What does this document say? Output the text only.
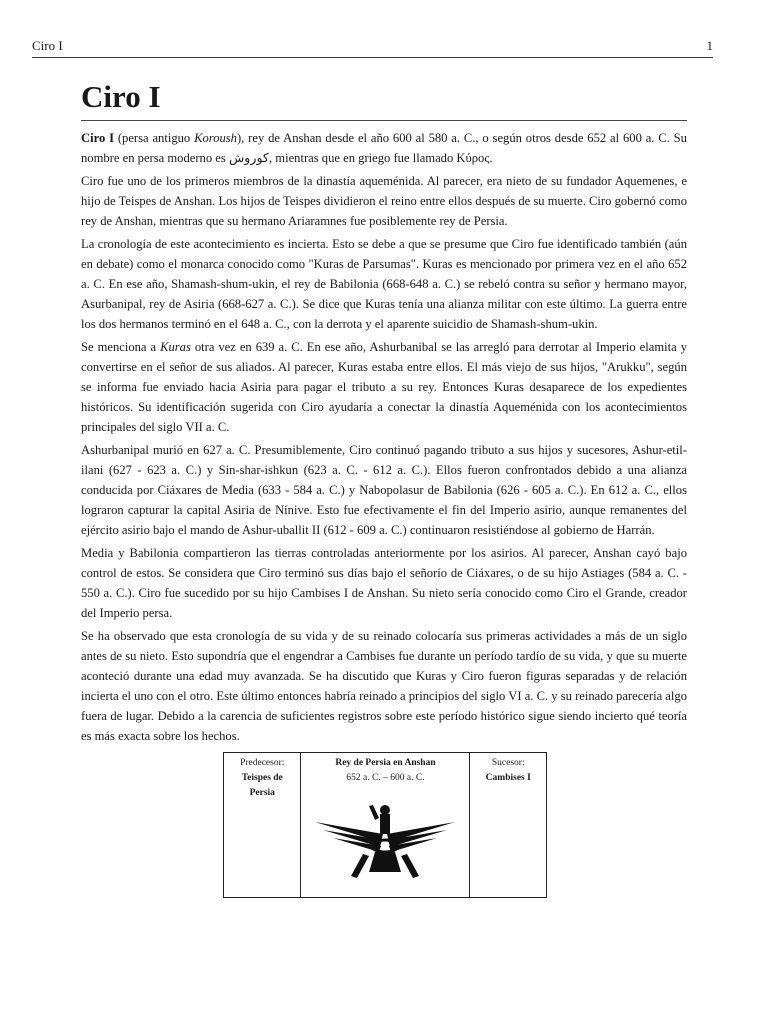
Ciro I	1
Ciro I

Ciro I (persa antiguo Koroush), rey de Anshan desde el año 600 al 580 a. C., o según otros desde 652 al 600 a. C. Su nombre en persa moderno es کوروش, mientras que en griego fue llamado Κύρος.

Ciro fue uno de los primeros miembros de la dinastía aqueménida. Al parecer, era nieto de su fundador Aquemenes, e hijo de Teispes de Anshan. Los hijos de Teispes dividieron el reino entre ellos después de su muerte. Ciro gobernó como rey de Anshan, mientras que su hermano Ariaramnes fue posiblemente rey de Persia.

La cronología de este acontecimiento es incierta. Esto se debe a que se presume que Ciro fue identificado también (aún en debate) como el monarca conocido como "Kuras de Parsumas". Kuras es mencionado por primera vez en el año 652 a. C. En ese año, Shamash-shum-ukin, el rey de Babilonia (668-648 a. C.) se rebeló contra su señor y hermano mayor, Asurbanipal, rey de Asiria (668-627 a. C.). Se dice que Kuras tenía una alianza militar con este último. La guerra entre los dos hermanos terminó en el 648 a. C., con la derrota y el aparente suicidio de Shamash-shum-ukin.

Se menciona a Kuras otra vez en 639 a. C. En ese año, Ashurbanibal se las arregló para derrotar al Imperio elamita y convertirse en el señor de sus aliados. Al parecer, Kuras estaba entre ellos. El más viejo de sus hijos, "Arukku", según se informa fue enviado hacia Asiria para pagar el tributo a su rey. Entonces Kuras desaparece de los expedientes históricos. Su identificación sugerida con Ciro ayudaría a conectar la dinastía Aqueménida con los acontecimientos principales del siglo VII a. C.

Ashurbanipal murió en 627 a. C. Presumiblemente, Ciro continuó pagando tributo a sus hijos y sucesores, Ashur-etil-ilani (627 - 623 a. C.) y Sin-shar-ishkun (623 a. C. - 612 a. C.). Ellos fueron confrontados debido a una alianza conducida por Ciáxares de Media (633 - 584 a. C.) y Nabopolasur de Babilonia (626 - 605 a. C.). En 612 a. C., ellos lograron capturar la capital Asiria de Nínive. Esto fue efectivamente el fin del Imperio asirio, aunque remanentes del ejército asirio bajo el mando de Ashur-uballit II (612 - 609 a. C.) continuaron resistiéndose al gobierno de Harrán.

Media y Babilonia compartieron las tierras controladas anteriormente por los asirios. Al parecer, Anshan cayó bajo control de estos. Se considera que Ciro terminó sus días bajo el señorío de Ciáxares, o de su hijo Astiages (584 a. C. - 550 a. C.). Ciro fue sucedido por su hijo Cambises I de Anshan. Su nieto sería conocido como Ciro el Grande, creador del Imperio persa.

Se ha observado que esta cronología de su vida y de su reinado colocaría sus primeras actividades a más de un siglo antes de su nieto. Esto supondría que el engendrar a Cambises fue durante un período tardío de su vida, y que su muerte aconteció durante una edad muy avanzada. Se ha discutido que Kuras y Ciro fueron figuras separadas y de relación incierta el uno con el otro. Este último entonces habría reinado a principios del siglo VI a. C. y su reinado parecería algo fuera de lugar. Debido a la carencia de suficientes registros sobre este período histórico sigue siendo incierto qué teoría es más exacta sobre los hechos.

Predecesor:
Teispes de Persia

Rey de Persia en Anshan
652 a. C. – 600 a. C.

Sucesor:
Cambises I
